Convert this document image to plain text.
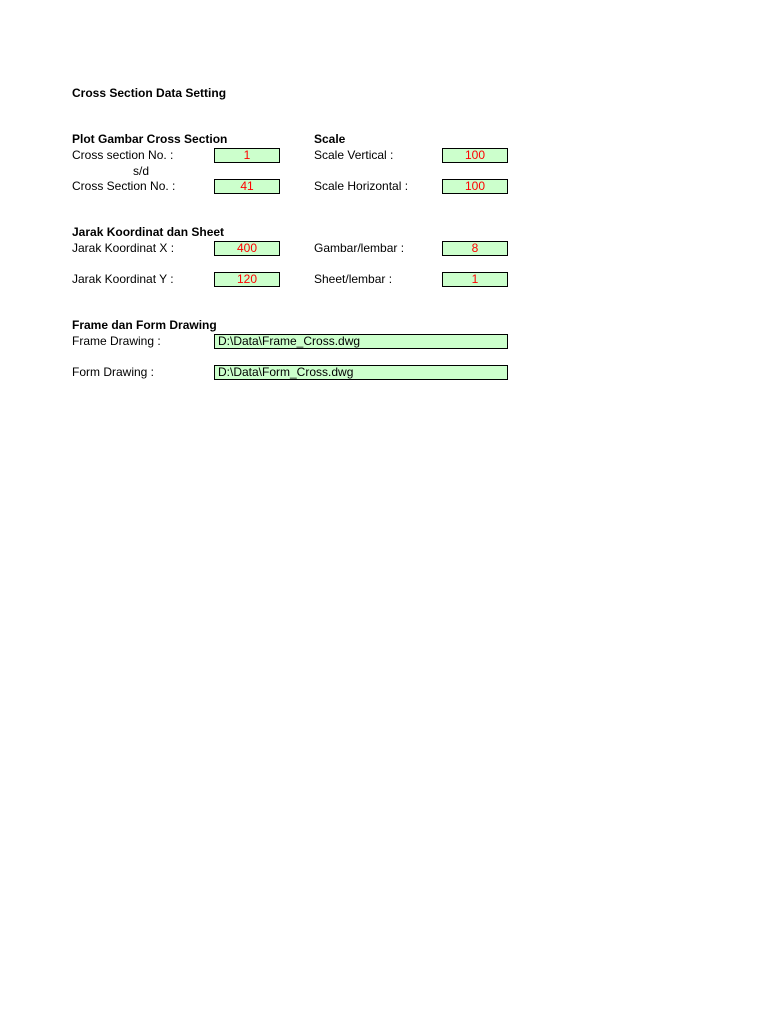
Cross Section Data Setting
Plot Gambar Cross Section
Cross section No. :	1
s/d
Cross Section No. :	41
Scale
Scale Vertical :	100
Scale Horizontal :	100
Jarak Koordinat dan Sheet
Jarak Koordinat X :	400
Jarak Koordinat Y :	120
Gambar/lembar :	8
Sheet/lembar :	1
Frame dan Form Drawing
Frame Drawing :	D:\Data\Frame_Cross.dwg
Form Drawing :	D:\Data\Form_Cross.dwg
